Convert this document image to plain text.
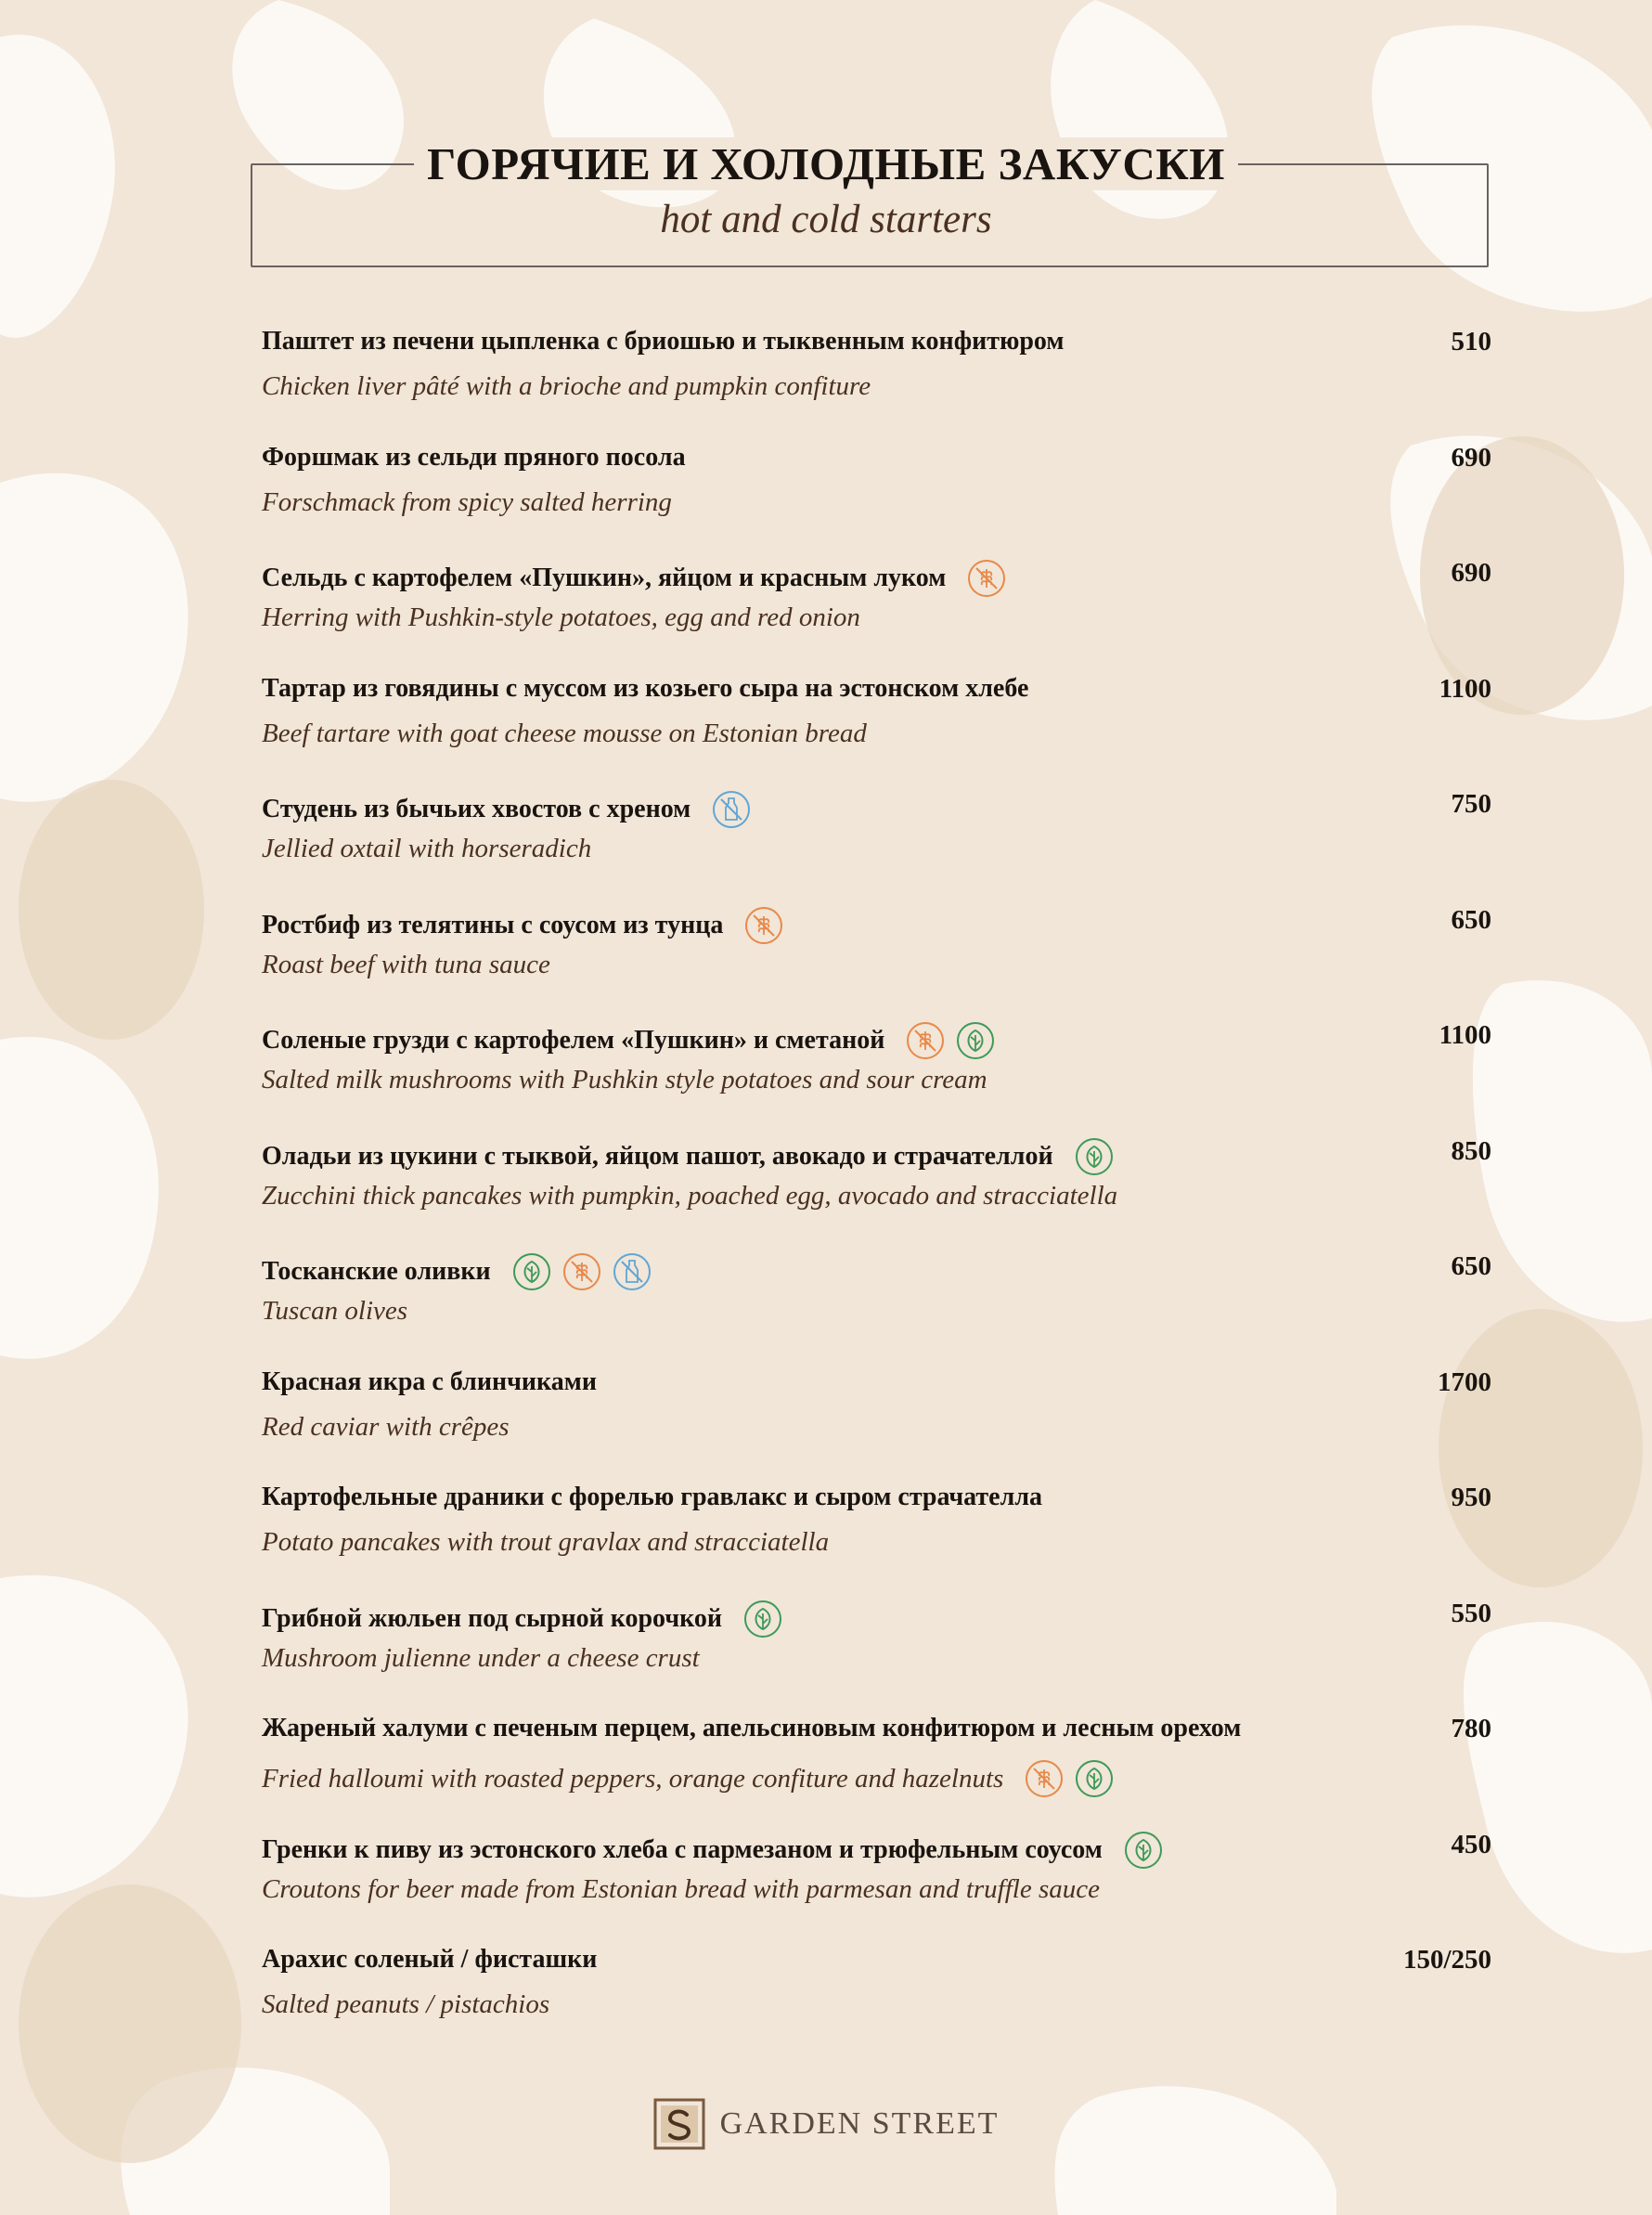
ГОРЯЧИЕ И ХОЛОДНЫЕ ЗАКУСКИ
hot and cold starters
Паштет из печени цыпленка с бриошью и тыквенным конфитюром
Chicken liver pâté with a brioche and pumpkin confiture
510
Форшмак из сельди пряного посола
Forschmack from spicy salted herring
690
Сельдь с картофелем «Пушкин», яйцом и красным луком
Herring with Pushkin-style potatoes, egg and red onion
690
Тартар из говядины с муссом из козьего сыра на эстонском хлебе
Beef tartare with goat cheese mousse on Estonian bread
1100
Студень из бычьих хвостов с хреном
Jellied oxtail with horseradich
750
Ростбиф из телятины с соусом из тунца
Roast beef with tuna sauce
650
Соленые грузди с картофелем «Пушкин» и сметаной
Salted milk mushrooms with Pushkin style potatoes and sour cream
1100
Оладьи из цукини с тыквой, яйцом пашот, авокадо и страчателлой
Zucchini thick pancakes with pumpkin, poached egg, avocado and stracciatella
850
Тосканские оливки
Tuscan olives
650
Красная икра с блинчиками
Red caviar with crêpes
1700
Картофельные драники с форелью гравлакс и сыром страчателла
Potato pancakes with trout gravlax and stracciatella
950
Грибной жюльен под сырной корочкой
Mushroom julienne under a cheese crust
550
Жареный халуми с печеным перцем, апельсиновым конфитюром и лесным орехом
Fried halloumi with roasted peppers, orange confiture and hazelnuts
780
Гренки к пиву из эстонского хлеба с пармезаном и трюфельным соусом
Croutons for beer made from Estonian bread with parmesan and truffle sauce
450
Арахис соленый / фисташки
Salted peanuts / pistachios
150/250
GARDEN STREET
